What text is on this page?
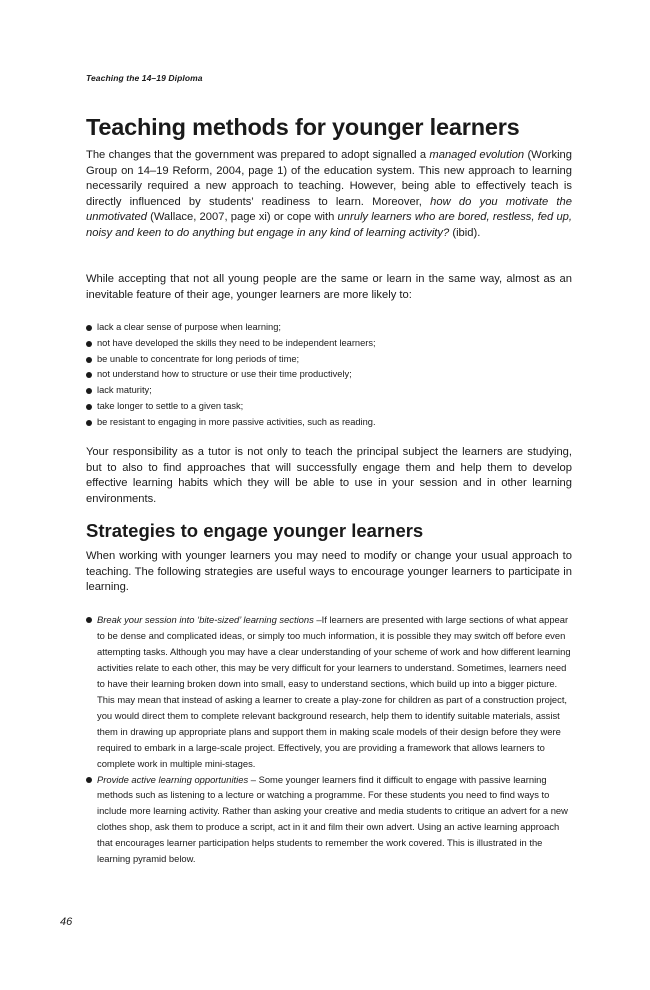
Teaching the 14–19 Diploma
Teaching methods for younger learners

The changes that the government was prepared to adopt signalled a managed evolution (Working Group on 14–19 Reform, 2004, page 1) of the education system. This new approach to learning necessarily required a new approach to teaching. However, being able to effectively teach is directly influenced by students’ readiness to learn. Moreover, how do you motivate the unmotivated (Wallace, 2007, page xi) or cope with unruly learners who are bored, restless, fed up, noisy and keen to do anything but engage in any kind of learning activity? (ibid).

While accepting that not all young people are the same or learn in the same way, almost as an inevitable feature of their age, younger learners are more likely to:

lack a clear sense of purpose when learning;
not have developed the skills they need to be independent learners;
be unable to concentrate for long periods of time;
not understand how to structure or use their time productively;
lack maturity;
take longer to settle to a given task;
be resistant to engaging in more passive activities, such as reading.

Your responsibility as a tutor is not only to teach the principal subject the learners are studying, but to also to find approaches that will successfully engage them and help them to develop effective learning habits which they will be able to use in your session and in other learning environments.

Strategies to engage younger learners

When working with younger learners you may need to modify or change your usual approach to teaching. The following strategies are useful ways to encourage younger learners to participate in learning.

Break your session into ‘bite-sized’ learning sections –If learners are presented with large sections of what appear to be dense and complicated ideas, or simply too much information, it is possible they may switch off before even attempting tasks. Although you may have a clear understanding of your scheme of work and how different learning activities relate to each other, this may be very difficult for your learners to understand. Sometimes, learners need to have their learning broken down into small, easy to understand sections, which build up into a bigger picture. This may mean that instead of asking a learner to create a play-zone for children as part of a construction project, you would direct them to complete relevant background research, help them to identify suitable materials, assist them in drawing up appropriate plans and support them in making scale models of their design before they were required to embark in a large-scale project. Effectively, you are providing a framework that allows learners to complete work in multiple mini-stages.
Provide active learning opportunities – Some younger learners find it difficult to engage with passive learning methods such as listening to a lecture or watching a programme. For these students you need to find ways to include more learning activity. Rather than asking your creative and media students to critique an advert for a new clothes shop, ask them to produce a script, act in it and film their own advert. Using an active learning approach that encourages learner participation helps students to remember the work covered. This is illustrated in the learning pyramid below.
46
